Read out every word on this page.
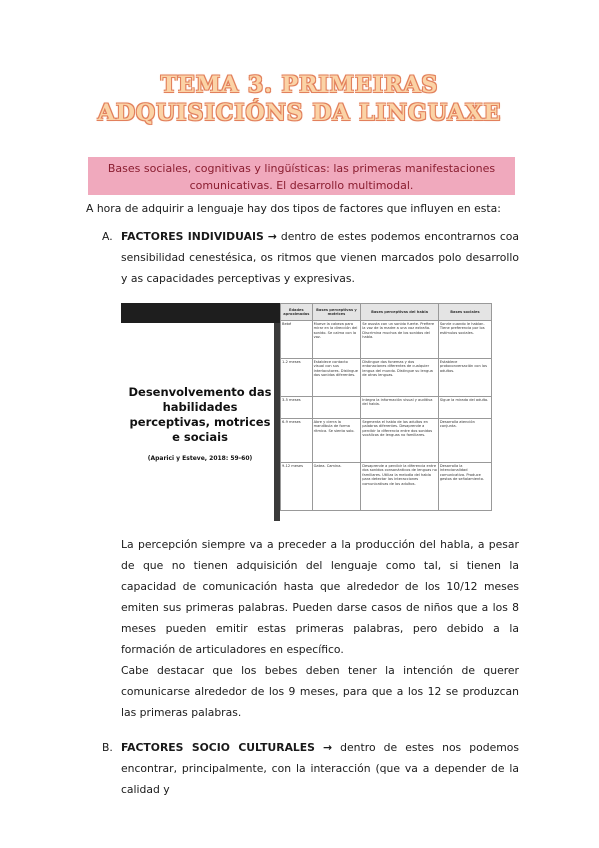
TEMA 3. PRIMEIRAS
ADQUISICIÓNS DA LINGUAXE
Bases sociales, cognitivas y lingüísticas: las primeras manifestaciones
comunicativas. El desarrollo multimodal.
A hora de adquirir a lenguaje hay dos tipos de factores que influyen en esta:
A. FACTORES INDIVIDUAIS → dentro de estes podemos encontrarnos coa sensibilidad cenestésica, os ritmos que vienen marcados polo desarrollo y as capacidades perceptivas y expresivas.
Desenvolvemento das habilidades perceptivas, motrices e sociais
(Aparici y Esteve, 2018: 59-60)
Edades aproximadas	Bases perceptivas y motrices	Bases perceptivas del habla	Bases sociales
Bebé	Mueve la cabeza para mirar en la dirección del sonido. Se calma con la voz.	Se asusta con un sonido fuerte. Prefiere la voz de la madre a una voz extraña. Discrimina muchos de los sonidos del habla.	Sonríe cuando le hablan. Tiene preferencia por los estímulos sociales.
1-2 meses	Establece contacto visual con sus interlocutores. Distingue dos sonidos diferentes.	Distingue dos fonemas y dos entonaciones diferentes de cualquier lengua del mundo. Distingue su lengua de otras lenguas.	Establece protoconversación con los adultos.
3-5 meses		Integra la información visual y auditiva del habla.	Sigue la mirada del adulto.
6-9 meses	Abre y cierra la mandíbula de forma rítmica. Se sienta solo.	Segmenta el habla de los adultos en palabras diferentes. Desaprende a percibir la diferencia entre dos sonidos vocálicos de lenguas no familiares.	Desarrolla atención conjunta.
9-12 meses	Gatea. Camina.	Desaprende a percibir la diferencia entre dos sonidos consonánticos de lenguas no familiares. Utiliza la melodía del habla para detectar las interacciones comunicativas de los adultos.	Desarrolla la intencionalidad comunicativa. Produce gestos de señalamiento.
La percepción siempre va a preceder a la producción del habla, a pesar de que no tienen adquisición del lenguaje como tal, si tienen la capacidad de comunicación hasta que alrededor de los 10/12 meses emiten sus primeras palabras. Pueden darse casos de niños que a los 8 meses pueden emitir estas primeras palabras, pero debido a la formación de articuladores en específico.
Cabe destacar que los bebes deben tener la intención de querer comunicarse alrededor de los 9 meses, para que a los 12 se produzcan las primeras palabras.
B. FACTORES SOCIO CULTURALES → dentro de estes nos podemos encontrar, principalmente, con la interacción (que va a depender de la calidad y
